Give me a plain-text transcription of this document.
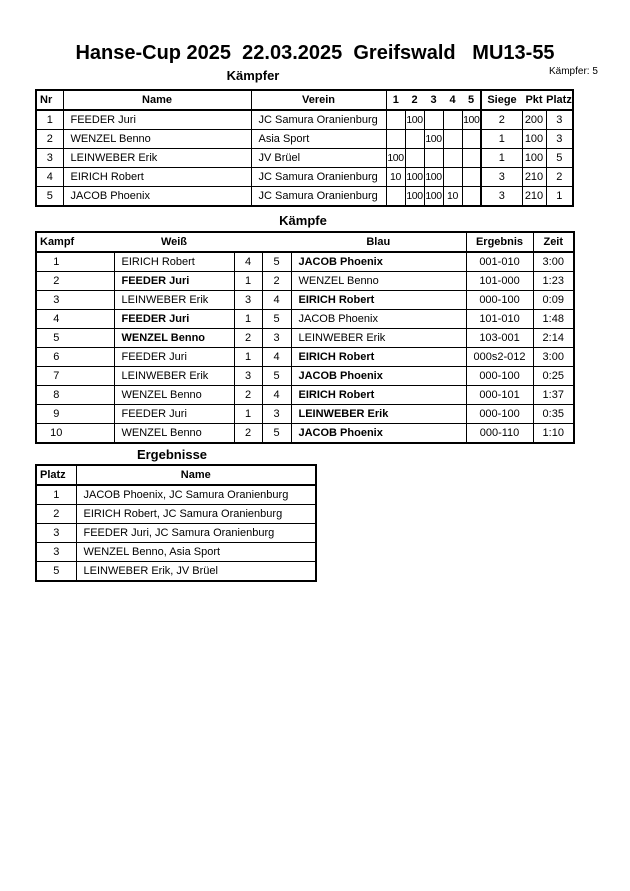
Hanse-Cup 2025  22.03.2025  Greifswald   MU13-55
Kämpfer: 5
Kämpfer
Nr	Name	Verein	1	2	3	4	5	Siege	Pkt	Platz
1	FEEDER Juri	JC Samura Oranienburg		100			100	2	200	3
2	WENZEL Benno	Asia Sport			100			1	100	3
3	LEINWEBER Erik	JV Brüel	100					1	100	5
4	EIRICH Robert	JC Samura Oranienburg	10	100	100			3	210	2
5	JACOB Phoenix	JC Samura Oranienburg		100	100	10		3	210	1
Kämpfe
Kampf	Weiß			Blau	Ergebnis	Zeit
1	EIRICH Robert	4	5	JACOB Phoenix	001-010	3:00
2	FEEDER Juri	1	2	WENZEL Benno	101-000	1:23
3	LEINWEBER Erik	3	4	EIRICH Robert	000-100	0:09
4	FEEDER Juri	1	5	JACOB Phoenix	101-010	1:48
5	WENZEL Benno	2	3	LEINWEBER Erik	103-001	2:14
6	FEEDER Juri	1	4	EIRICH Robert	000s2-012	3:00
7	LEINWEBER Erik	3	5	JACOB Phoenix	000-100	0:25
8	WENZEL Benno	2	4	EIRICH Robert	000-101	1:37
9	FEEDER Juri	1	3	LEINWEBER Erik	000-100	0:35
10	WENZEL Benno	2	5	JACOB Phoenix	000-110	1:10
Ergebnisse
Platz	Name
1	JACOB Phoenix, JC Samura Oranienburg
2	EIRICH Robert, JC Samura Oranienburg
3	FEEDER Juri, JC Samura Oranienburg
3	WENZEL Benno, Asia Sport
5	LEINWEBER Erik, JV Brüel
